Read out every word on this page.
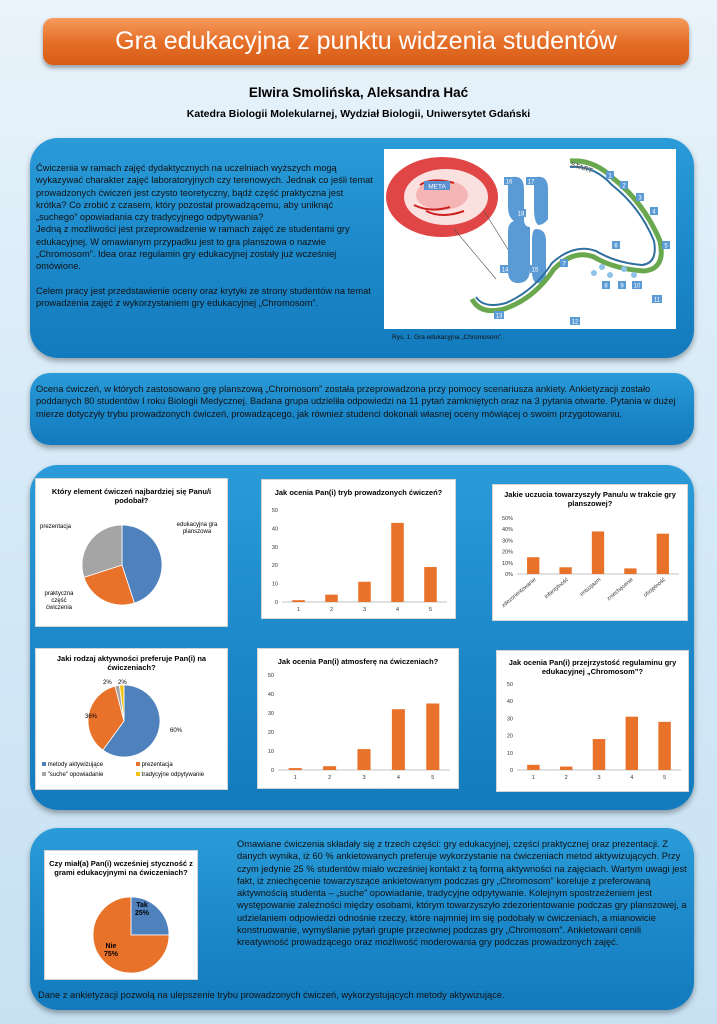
Gra edukacyjna z punktu widzenia studentów
Elwira Smolińska, Aleksandra Hać
Katedra Biologii Molekularnej, Wydział Biologii, Uniwersytet Gdański

Ćwiczenia w ramach zajęć dydaktycznych na uczelniach wyższych mogą wykazywać charakter zajęć laboratoryjnych czy terenowych. Jednak co jeśli temat prowadzonych ćwiczeń jest czysto teoretyczny, bądź część praktyczna jest krótka? Co zrobić z czasem, który pozostał prowadzącemu, aby uniknąć „suchego” opowiadania czy tradycyjnego odpytywania?

Jedną z możliwości jest przeprowadzenie w ramach zajęć ze studentami gry edukacyjnej. W omawianym przypadku jest to gra planszowa o nazwie „Chromosom”. Idea oraz regulamin gry edukacyjnej zostały już wcześniej omówione.

Celem pracy jest przedstawienie oceny oraz krytyki ze strony studentów na temat prowadzenia zajęć z wykorzystaniem gry edukacyjnej „Chromosom”.

META
START
1
2
3
4
5
6
7
8 9 10
11
12
13
14	15
16	17
18
Rys. 1. Gra edukacyjna „Chromosom”.
Ocena ćwiczeń, w których zastosowano grę planszową „Chromosom” została przeprowadzona przy pomocy scenariusza ankiety. Ankietyzacji zostało poddanych 80 studentów I roku Biologii Medycznej. Badana grupa udzieliła odpowiedzi na 11 pytań zamkniętych oraz na 3 pytania otwarte. Pytania w dużej mierze dotyczyły trybu prowadzonych ćwiczeń, prowadzącego, jak również studenci dokonali własnej oceny mówiącej o swoim przygotowaniu.
Który element ćwiczeń najbardziej się Panu/i podobał?
prezentacja	edukacyjna gra planszowa
praktyczna część ćwiczenia
Jak ocenia Pan(i) tryb prowadzonych ćwiczeń?
0
10
20
30
40
50
1	2	3	4	5
Jakie uczucia towarzyszyły Panu/u w trakcie gry planszowej?
0%
10%
20%
30%
40%
50%
zdezorientowanie infantylność entuzjazm zniechęcenie obojętność
Jaki rodzaj aktywności preferuje Pan(i) na ćwiczeniach?
60%
36%
2% 2%
metody aktywizujące	prezentacja
"suche" opowiadanie	tradycyjne odpytywanie
Jak ocenia Pan(i) atmosferę na ćwiczeniach?
0
10
20
30
40
50
1	2	3	4	5
Jak ocenia Pan(i) przejrzystość regulaminu gry edukacyjnej „Chromosom”?
0
10
20
30
40
50
1	2	3	4	5
Omawiane ćwiczenia składały się z trzech części: gry edukacyjnej, części praktycznej oraz prezentacji. Z danych wynika, iż 60 % ankietowanych preferuje wykorzystanie na ćwiczeniach metod aktywizujących. Przy czym jedynie 25 % studentów miało wcześniej kontakt z tą formą aktywności na zajęciach. Wartym uwagi jest fakt, iż zniechęcenie towarzyszące ankietowanym podczas gry „Chromosom” koreluje z preferowaną aktywnością studenta – „suche” opowiadanie, tradycyjne odpytywanie. Kolejnym spostrzeżeniem jest występowanie zależności między osobami, którym towarzyszyło zdezorientowanie podczas gry planszowej, a udzielaniem odpowiedzi odnośnie rzeczy, które najmniej im się podobały w ćwiczeniach, a mianowicie konstruowanie, wymyślanie pytań grupie przeciwnej podczas gry „Chromosom”. Ankietowani cenili kreatywność prowadzącego oraz możliwość moderowania gry podczas prowadzonych zajęć.
Czy miał(a) Pan(i) wcześniej styczność z grami edukacyjnymi na ćwiczeniach?
Tak
25%
Nie
75%
Dane z ankietyzacji pozwolą na ulepszenie trybu prowadzonych ćwiczeń, wykorzystujących metody aktywizujące.
